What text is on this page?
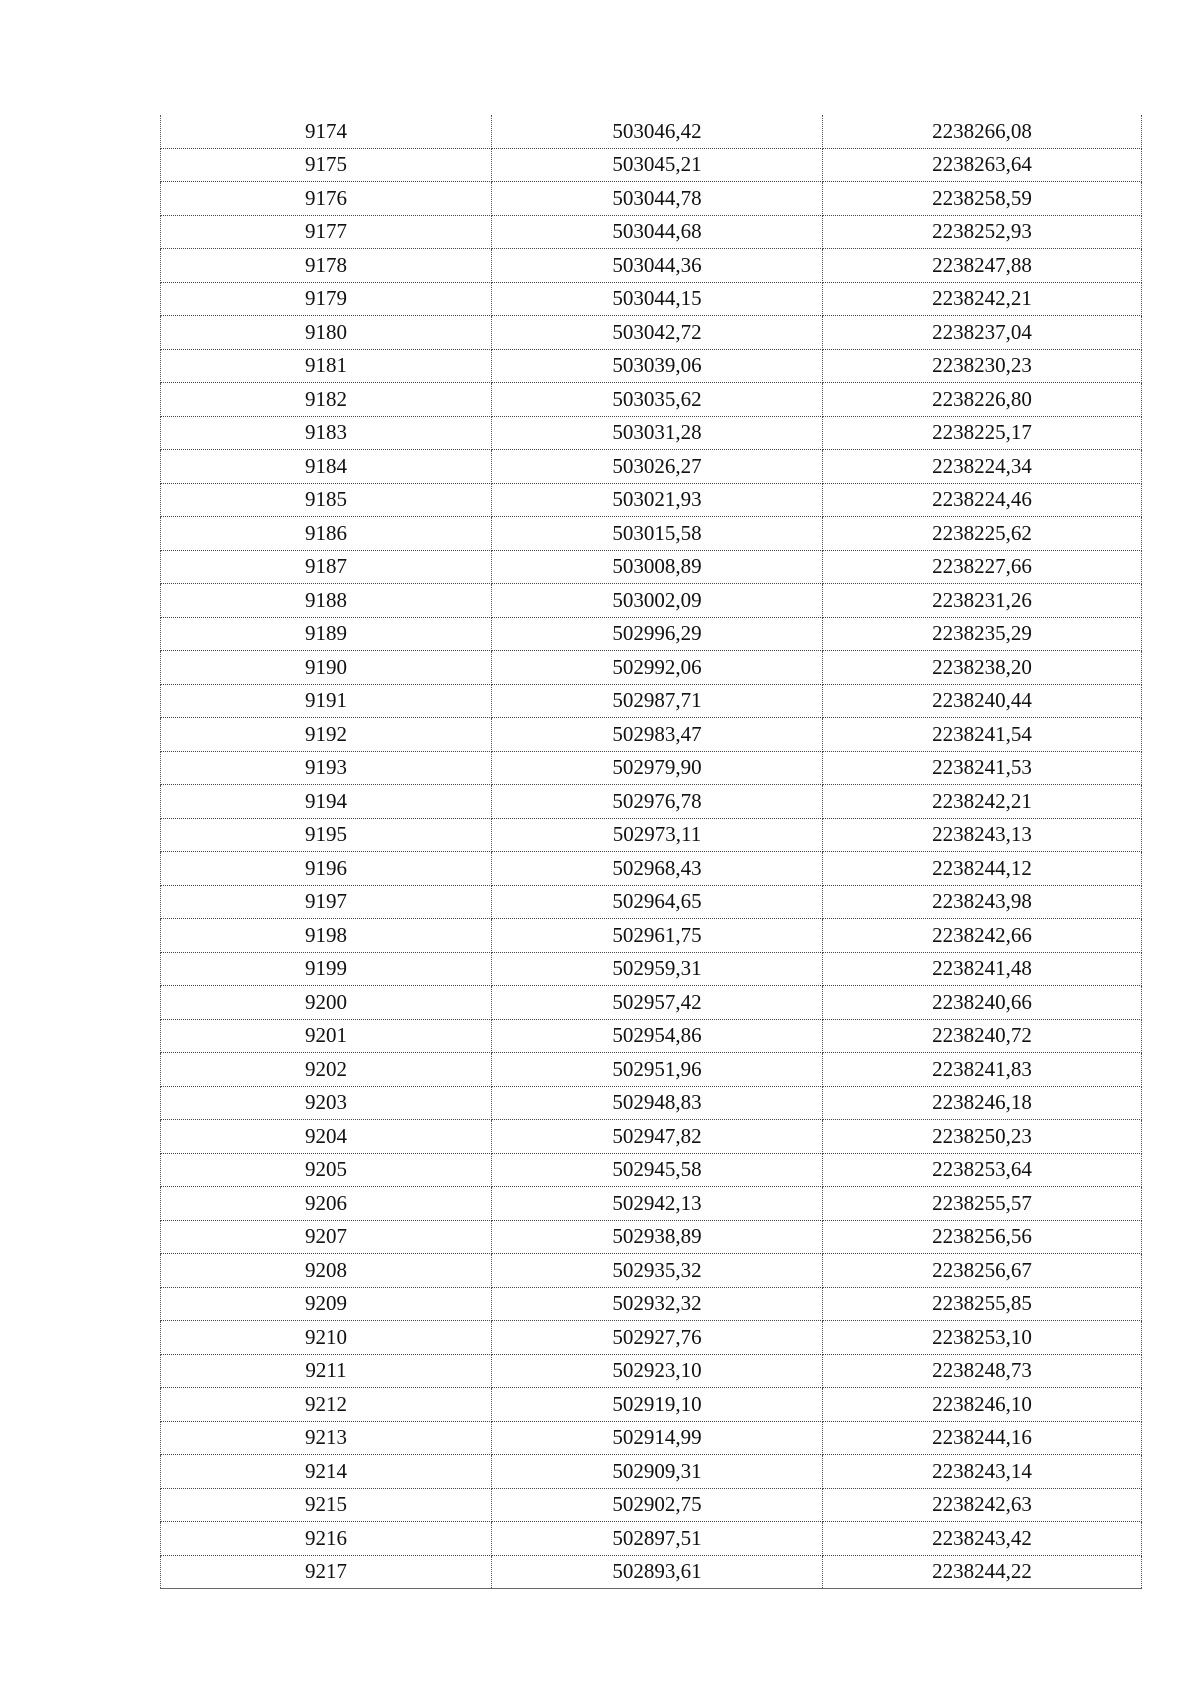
9174	503046,42	2238266,08
9175	503045,21	2238263,64
9176	503044,78	2238258,59
9177	503044,68	2238252,93
9178	503044,36	2238247,88
9179	503044,15	2238242,21
9180	503042,72	2238237,04
9181	503039,06	2238230,23
9182	503035,62	2238226,80
9183	503031,28	2238225,17
9184	503026,27	2238224,34
9185	503021,93	2238224,46
9186	503015,58	2238225,62
9187	503008,89	2238227,66
9188	503002,09	2238231,26
9189	502996,29	2238235,29
9190	502992,06	2238238,20
9191	502987,71	2238240,44
9192	502983,47	2238241,54
9193	502979,90	2238241,53
9194	502976,78	2238242,21
9195	502973,11	2238243,13
9196	502968,43	2238244,12
9197	502964,65	2238243,98
9198	502961,75	2238242,66
9199	502959,31	2238241,48
9200	502957,42	2238240,66
9201	502954,86	2238240,72
9202	502951,96	2238241,83
9203	502948,83	2238246,18
9204	502947,82	2238250,23
9205	502945,58	2238253,64
9206	502942,13	2238255,57
9207	502938,89	2238256,56
9208	502935,32	2238256,67
9209	502932,32	2238255,85
9210	502927,76	2238253,10
9211	502923,10	2238248,73
9212	502919,10	2238246,10
9213	502914,99	2238244,16
9214	502909,31	2238243,14
9215	502902,75	2238242,63
9216	502897,51	2238243,42
9217	502893,61	2238244,22
